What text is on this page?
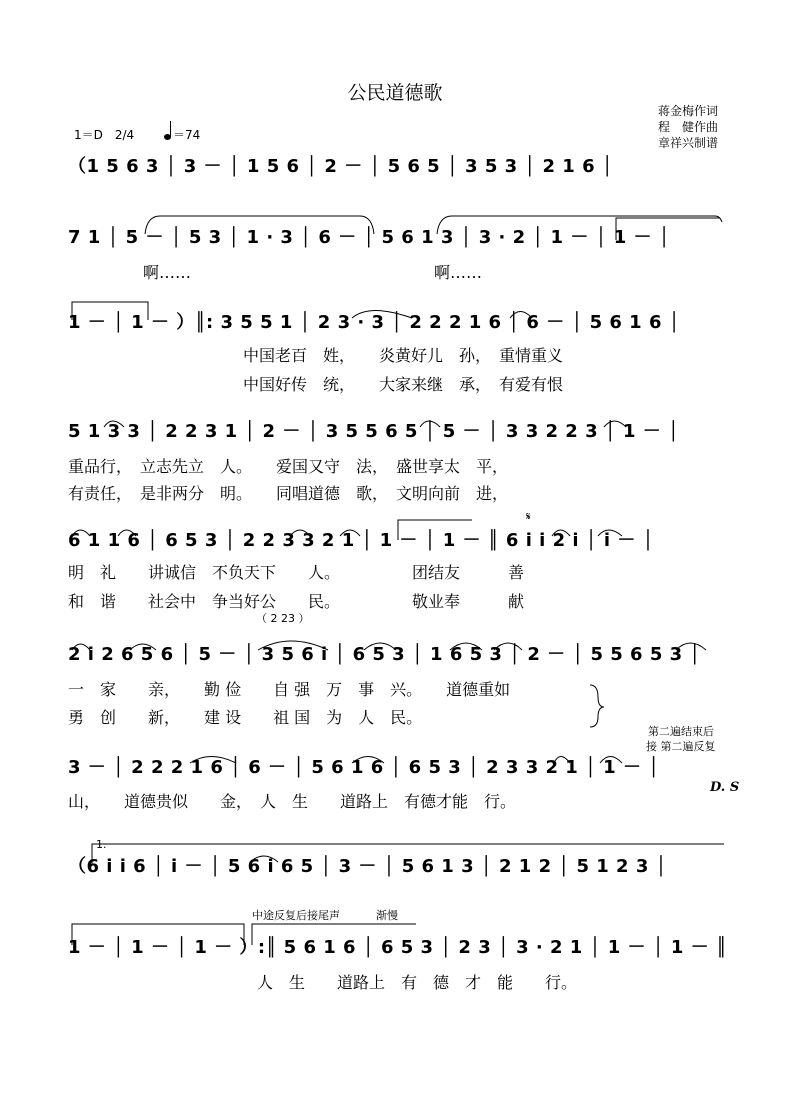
公民道德歌
蒋金梅作词
程　健作曲
章祥兴制谱
1＝D　2/4	＝74
（1 5 6 3 │ 3 － │ 1 5 6 │ 2 － │ 5 6 5 │ 3 5 3 │ 2 1 6 │
7 1 │ 5 － │ 5 3 │ 1 · 3 │ 6 － │ 5 6 1 3 │ 3 · 2 │ 1 － │ 1 － │
1 － │ 1 － ）║: 3 5 5 1 │ 2 3 · 3 │ 2 2 2 1 6 │ 6 － │ 5 6 1 6 │
5 1 3 3 │ 2 2 3 1 │ 2 － │ 3 5 5 6 5 │ 5 － │ 3 3 2 2 3 │ 1 － │
6 1 1 6 │ 6 5 3 │ 2 2 3 3 2 1 │ 1 － │ 1 － ║ 6 i i 2 i │ i － │
2 i 2 6 5 6 │ 5 － │ 3 5 6 i │ 6 5 3 │ 1 6 5 3 │ 2 － │ 5 5 6 5 3 │
3 － │ 2 2 2 1 6 │ 6 － │ 5 6 1 6 │ 6 5 3 │ 2 3 3 2 1 │ 1 － │
（6 i i 6 │ i － │ 5 6 i 6 5 │ 3 － │ 5 6 1 3 │ 2 1 2 │ 5 1 2 3 │
1 － │ 1 － │ 1 － ）:║ 5 6 1 6 │ 6 5 3 │ 2 3 │ 3 · 2 1 │ 1 － │ 1 － ║
啊……	啊……
中国老百　姓，　　炎黄好儿　孙，　重情重义
中国好传　统，　　大家来继　承，　有爱有恨
重品行，　立志先立　人。　　爱国又守　法，　盛世享太　平，
有责任，　是非两分　明。　　同唱道德　歌，　文明向前　进，
明　礼　　讲诚信　不负天下　　人。　　　　　团结友　　　善
和　谐　　社会中　争当好公　　民。　　　　　敬业奉　　　献
一　家　　亲，　　勤 俭　　自 强　万　事　兴。　　道德重如
勇　创　　新，　　建 设　　祖 国　为　人　民。
山，　　道德贵似　　金，　人　生　　道路上　有德才能　行。
人　生　　道路上　有　德　才　能　　行。
（ 2 23 ）
第二遍结束后
接 第二遍反复
D. S
1.
中途反复后接尾声	渐慢
𝄋
